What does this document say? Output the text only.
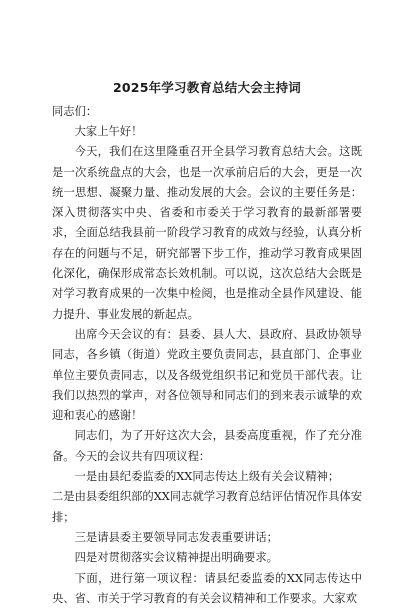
2025年学习教育总结大会主持词

同志们：

大家上午好！

今天，我们在这里隆重召开全县学习教育总结大会。这既是一次系统盘点的大会，也是一次承前启后的大会，更是一次统一思想、凝聚力量、推动发展的大会。会议的主要任务是：深入贯彻落实中央、省委和市委关于学习教育的最新部署要求，全面总结我县前一阶段学习教育的成效与经验，认真分析存在的问题与不足，研究部署下步工作，推动学习教育成果固化深化，确保形成常态长效机制。可以说，这次总结大会既是对学习教育成果的一次集中检阅，也是推动全县作风建设、能力提升、事业发展的新起点。

出席今天会议的有：县委、县人大、县政府、县政协领导同志，各乡镇（街道）党政主要负责同志，县直部门、企事业单位主要负责同志，以及各级党组织书记和党员干部代表。让我们以热烈的掌声，对各位领导和同志们的到来表示诚挚的欢迎和衷心的感谢！

同志们，为了开好这次大会，县委高度重视，作了充分准备。今天的会议共有四项议程：

一是由县纪委监委的XX同志传达上级有关会议精神；

二是由县委组织部的XX同志就学习教育总结评估情况作具体安排；

三是请县委主要领导同志发表重要讲话；

四是对贯彻落实会议精神提出明确要求。

下面，进行第一项议程：请县纪委监委的XX同志传达中央、省、市关于学习教育的有关会议精神和工作要求。大家欢
